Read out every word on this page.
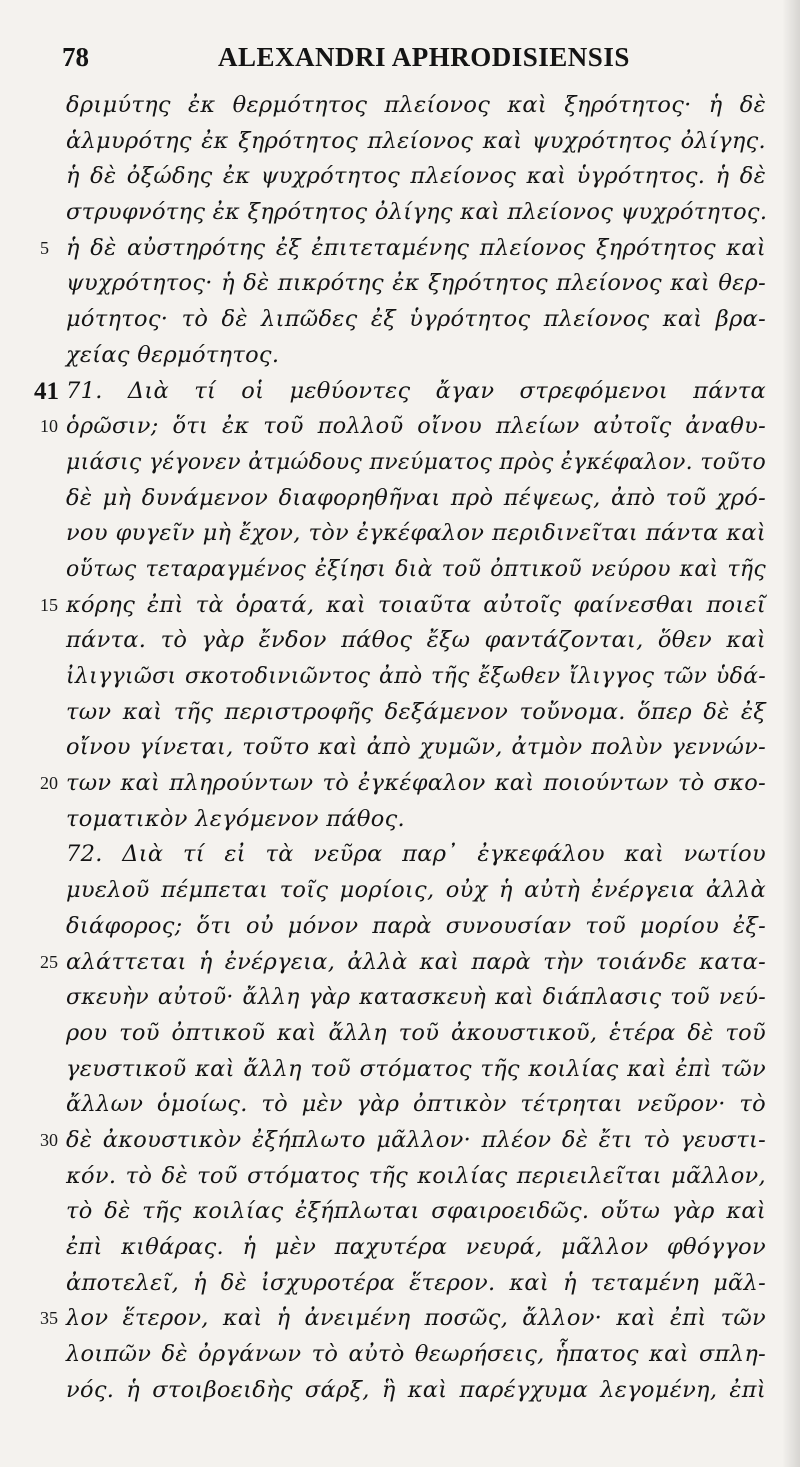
78	ALEXANDRI APHRODISIENSIS
δριμύτης ἐκ θερμότητος πλείονος καὶ ξηρότητος· ἡ δὲ
ἁλμυρότης ἐκ ξηρότητος πλείονος καὶ ψυχρότητος ὀλίγης.
ἡ δὲ ὀξώδης ἐκ ψυχρότητος πλείονος καὶ ὑγρότητος. ἡ δὲ
στρυφνότης ἐκ ξηρότητος ὀλίγης καὶ πλείονος ψυχρότητος.
5 ἡ δὲ αὐστηρότης ἐξ ἐπιτεταμένης πλείονος ξηρότητος καὶ
ψυχρότητος· ἡ δὲ πικρότης ἐκ ξηρότητος πλείονος καὶ θερ-
μότητος· τὸ δὲ λιπῶδες ἐξ ὑγρότητος πλείονος καὶ βρα-
χείας θερμότητος.
41 71. Διὰ τί οἱ μεθύοντες ἄγαν στρεφόμενοι πάντα
10 ὁρῶσιν; ὅτι ἐκ τοῦ πολλοῦ οἴνου πλείων αὐτοῖς ἀναθυ-
μιάσις γέγονεν ἀτμώδους πνεύματος πρὸς ἐγκέφαλον. τοῦτο
δὲ μὴ δυνάμενον διαφορηθῆναι πρὸ πέψεως, ἀπὸ τοῦ χρό-
νου φυγεῖν μὴ ἔχον, τὸν ἐγκέφαλον περιδινεῖται πάντα καὶ
οὕτως τεταραγμένος ἐξίησι διὰ τοῦ ὀπτικοῦ νεύρου καὶ τῆς
15 κόρης ἐπὶ τὰ ὁρατά, καὶ τοιαῦτα αὐτοῖς φαίνεσθαι ποιεῖ
πάντα. τὸ γὰρ ἔνδον πάθος ἔξω φαντάζονται, ὅθεν καὶ
ἰλιγγιῶσι σκοτοδινιῶντος ἀπὸ τῆς ἔξωθεν ἴλιγγος τῶν ὑδά-
των καὶ τῆς περιστροφῆς δεξάμενον τοὔνομα. ὅπερ δὲ ἐξ
οἴνου γίνεται, τοῦτο καὶ ἀπὸ χυμῶν, ἀτμὸν πολὺν γεννών-
20 των καὶ πληρούντων τὸ ἐγκέφαλον καὶ ποιούντων τὸ σκο-
τοματικὸν λεγόμενον πάθος.
72. Διὰ τί εἰ τὰ νεῦρα παρ᾽ ἐγκεφάλου καὶ νωτίου
μυελοῦ πέμπεται τοῖς μορίοις, οὐχ ἡ αὐτὴ ἐνέργεια ἀλλὰ
διάφορος; ὅτι οὐ μόνον παρὰ συνουσίαν τοῦ μορίου ἐξ-
25 αλάττεται ἡ ἐνέργεια, ἀλλὰ καὶ παρὰ τὴν τοιάνδε κατα-
σκευὴν αὐτοῦ· ἄλλη γὰρ κατασκευὴ καὶ διάπλασις τοῦ νεύ-
ρου τοῦ ὀπτικοῦ καὶ ἄλλη τοῦ ἀκουστικοῦ, ἑτέρα δὲ τοῦ
γευστικοῦ καὶ ἄλλη τοῦ στόματος τῆς κοιλίας καὶ ἐπὶ τῶν
ἄλλων ὁμοίως. τὸ μὲν γὰρ ὀπτικὸν τέτρηται νεῦρον· τὸ
30 δὲ ἀκουστικὸν ἐξήπλωτο μᾶλλον· πλέον δὲ ἔτι τὸ γευστι-
κόν. τὸ δὲ τοῦ στόματος τῆς κοιλίας περιειλεῖται μᾶλλον,
τὸ δὲ τῆς κοιλίας ἐξήπλωται σφαιροειδῶς. οὕτω γὰρ καὶ
ἐπὶ κιθάρας. ἡ μὲν παχυτέρα νευρά, μᾶλλον φθόγγον
ἀποτελεῖ, ἡ δὲ ἰσχυροτέρα ἕτερον. καὶ ἡ τεταμένη μᾶλ-
35 λον ἕτερον, καὶ ἡ ἀνειμένη ποσῶς, ἄλλον· καὶ ἐπὶ τῶν
λοιπῶν δὲ ὀργάνων τὸ αὐτὸ θεωρήσεις, ἧπατος καὶ σπλη-
νός. ἡ στοιβοειδὴς σάρξ, ἣ καὶ παρέγχυμα λεγομένη, ἐπὶ
